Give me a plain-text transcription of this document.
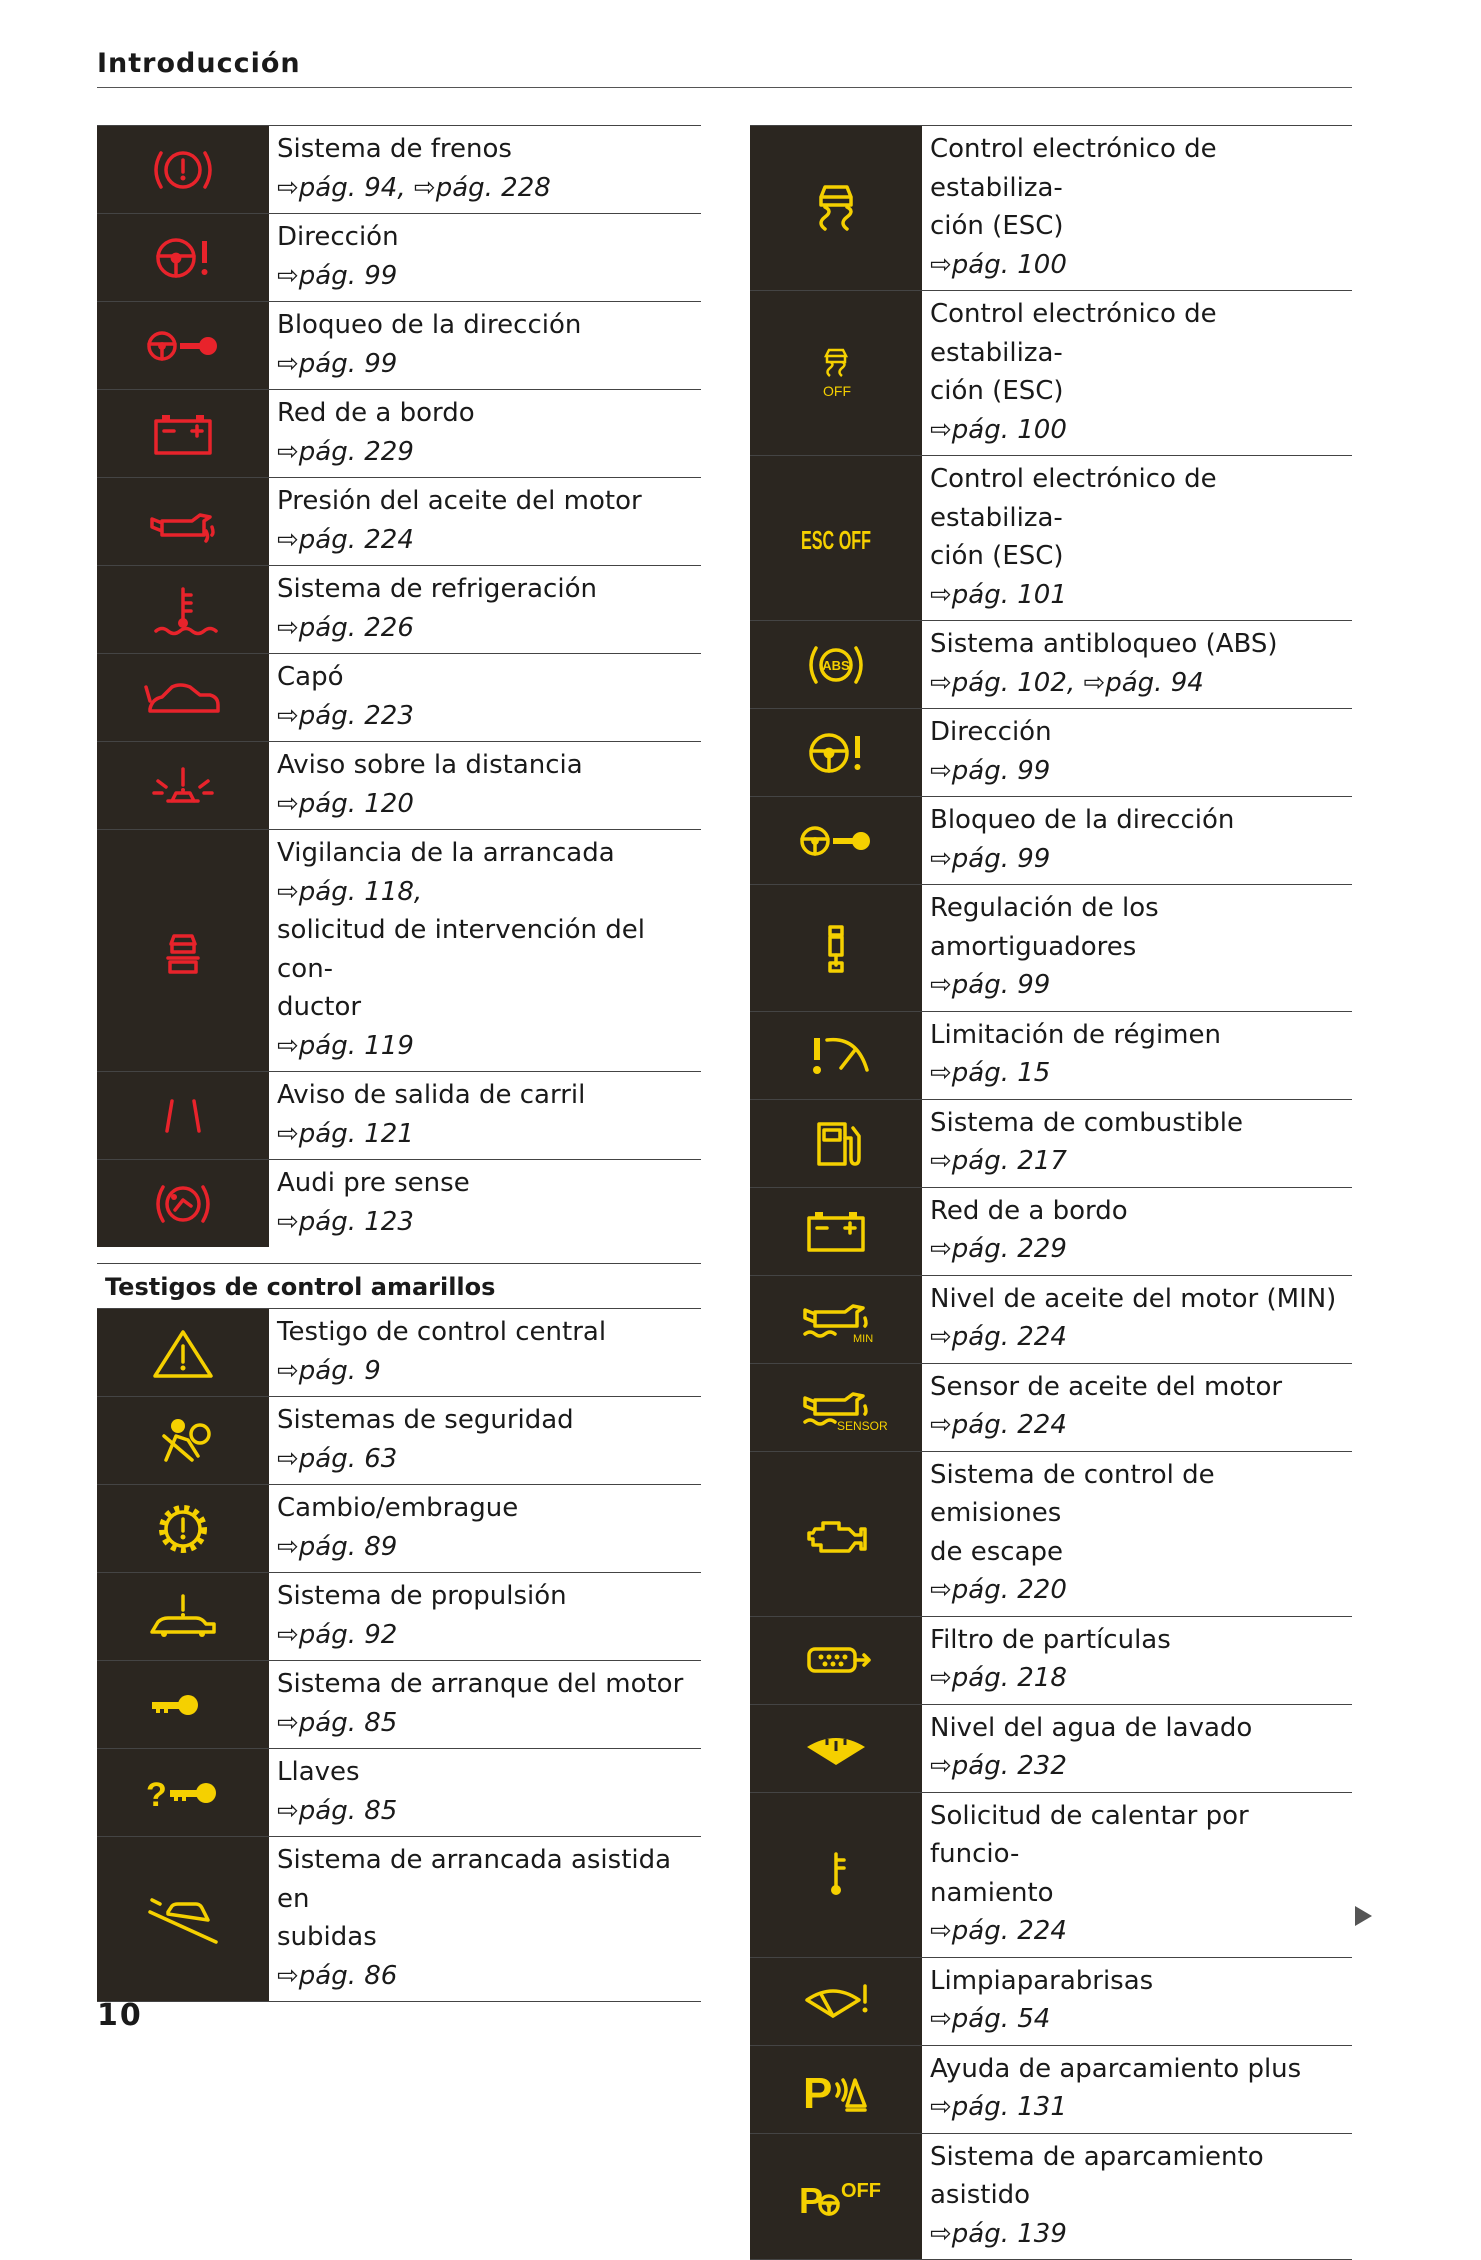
Introducción
Sistema de frenos
⇨pág. 94, ⇨pág. 228
Dirección
⇨pág. 99
Bloqueo de la dirección
⇨pág. 99
Red de a bordo
⇨pág. 229
Presión del aceite del motor
⇨pág. 224
Sistema de refrigeración
⇨pág. 226
Capó
⇨pág. 223
Aviso sobre la distancia
⇨pág. 120
Vigilancia de la arrancada
⇨pág. 118,
solicitud de intervención del con-
ductor
⇨pág. 119
Aviso de salida de carril
⇨pág. 121
Audi pre sense
⇨pág. 123
Testigos de control amarillos
Testigo de control central
⇨pág. 9
Sistemas de seguridad
⇨pág. 63
Cambio/embrague
⇨pág. 89
Sistema de propulsión
⇨pág. 92
Sistema de arranque del motor
⇨pág. 85
?
Llaves
⇨pág. 85
Sistema de arrancada asistida en
subidas
⇨pág. 86
Control electrónico de estabiliza-
ción (ESC)
⇨pág. 100
OFF
Control electrónico de estabiliza-
ción (ESC)
⇨pág. 100
ESC OFF
Control electrónico de estabiliza-
ción (ESC)
⇨pág. 101
ABS
Sistema antibloqueo (ABS)
⇨pág. 102, ⇨pág. 94
Dirección
⇨pág. 99
Bloqueo de la dirección
⇨pág. 99
Regulación de los amortiguadores
⇨pág. 99
Limitación de régimen
⇨pág. 15
Sistema de combustible
⇨pág. 217
Red de a bordo
⇨pág. 229
MIN
Nivel de aceite del motor (MIN)
⇨pág. 224
SENSOR
Sensor de aceite del motor
⇨pág. 224
Sistema de control de emisiones
de escape
⇨pág. 220
Filtro de partículas
⇨pág. 218
Nivel del agua de lavado
⇨pág. 232
Solicitud de calentar por funcio-
namiento
⇨pág. 224
Limpiaparabrisas
⇨pág. 54
P
Ayuda de aparcamiento plus
⇨pág. 131
P OFF
Sistema de aparcamiento asistido
⇨pág. 139
10
